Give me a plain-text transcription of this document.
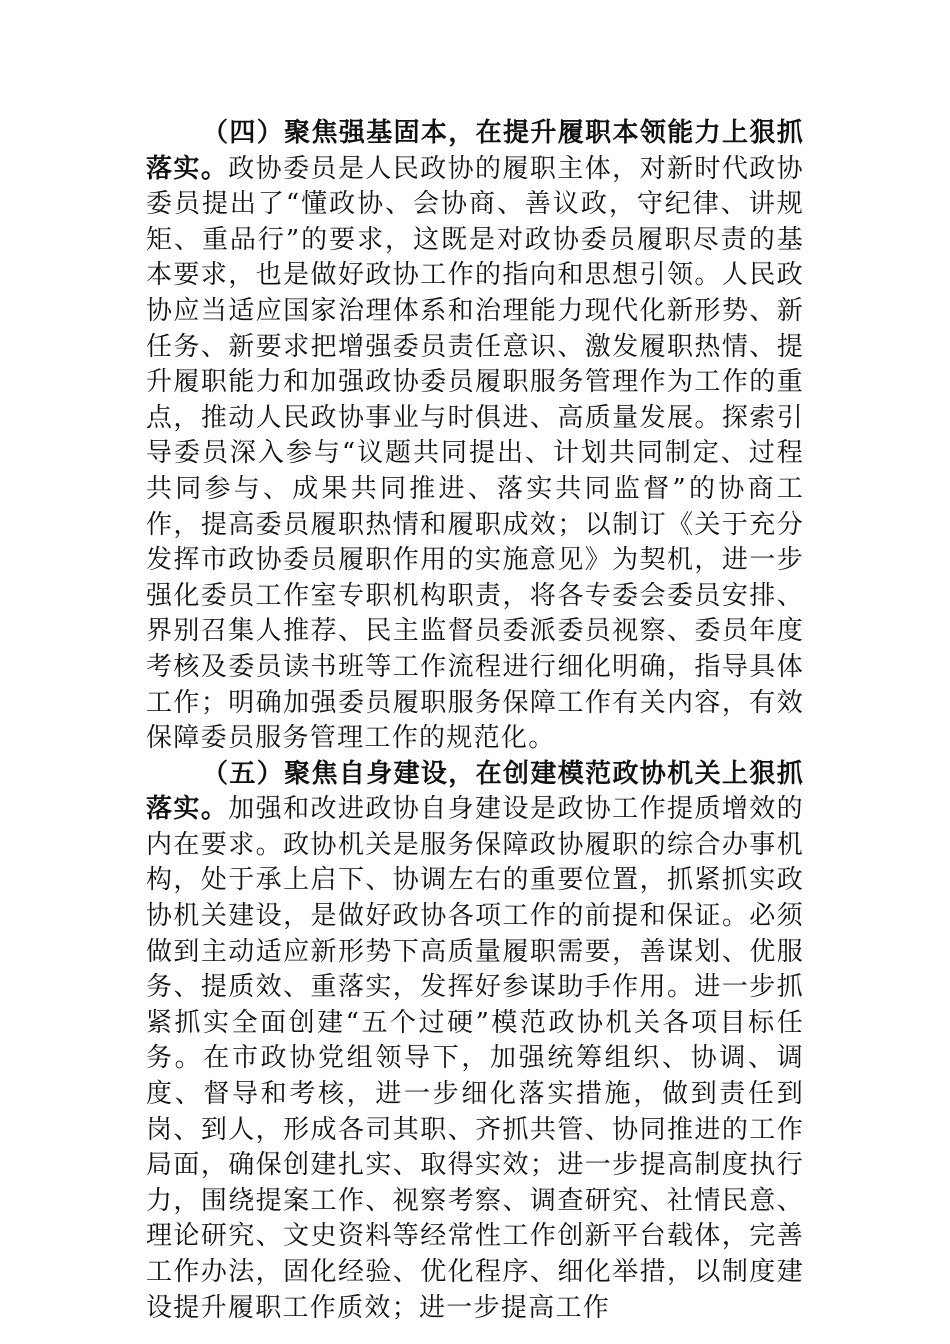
（四）聚焦强基固本，在提升履职本领能力上狠抓落实。政协委员是人民政协的履职主体，对新时代政协委员提出了“懂政协、会协商、善议政，守纪律、讲规矩、重品行”的要求，这既是对政协委员履职尽责的基本要求，也是做好政协工作的指向和思想引领。人民政协应当适应国家治理体系和治理能力现代化新形势、新任务、新要求把增强委员责任意识、激发履职热情、提升履职能力和加强政协委员履职服务管理作为工作的重点，推动人民政协事业与时俱进、高质量发展。探索引导委员深入参与“议题共同提出、计划共同制定、过程共同参与、成果共同推进、落实共同监督”的协商工作，提高委员履职热情和履职成效；以制订《关于充分发挥市政协委员履职作用的实施意见》为契机，进一步强化委员工作室专职机构职责，将各专委会委员安排、界别召集人推荐、民主监督员委派委员视察、委员年度考核及委员读书班等工作流程进行细化明确，指导具体工作；明确加强委员履职服务保障工作有关内容，有效保障委员服务管理工作的规范化。

（五）聚焦自身建设，在创建模范政协机关上狠抓落实。加强和改进政协自身建设是政协工作提质增效的内在要求。政协机关是服务保障政协履职的综合办事机构，处于承上启下、协调左右的重要位置，抓紧抓实政协机关建设，是做好政协各项工作的前提和保证。必须做到主动适应新形势下高质量履职需要，善谋划、优服务、提质效、重落实，发挥好参谋助手作用。进一步抓紧抓实全面创建“五个过硬”模范政协机关各项目标任务。在市政协党组领导下，加强统筹组织、协调、调度、督导和考核，进一步细化落实措施，做到责任到岗、到人，形成各司其职、齐抓共管、协同推进的工作局面，确保创建扎实、取得实效；进一步提高制度执行力，围绕提案工作、视察考察、调查研究、社情民意、理论研究、文史资料等经常性工作创新平台载体，完善工作办法，固化经验、优化程序、细化举措，以制度建设提升履职工作质效；进一步提高工作
